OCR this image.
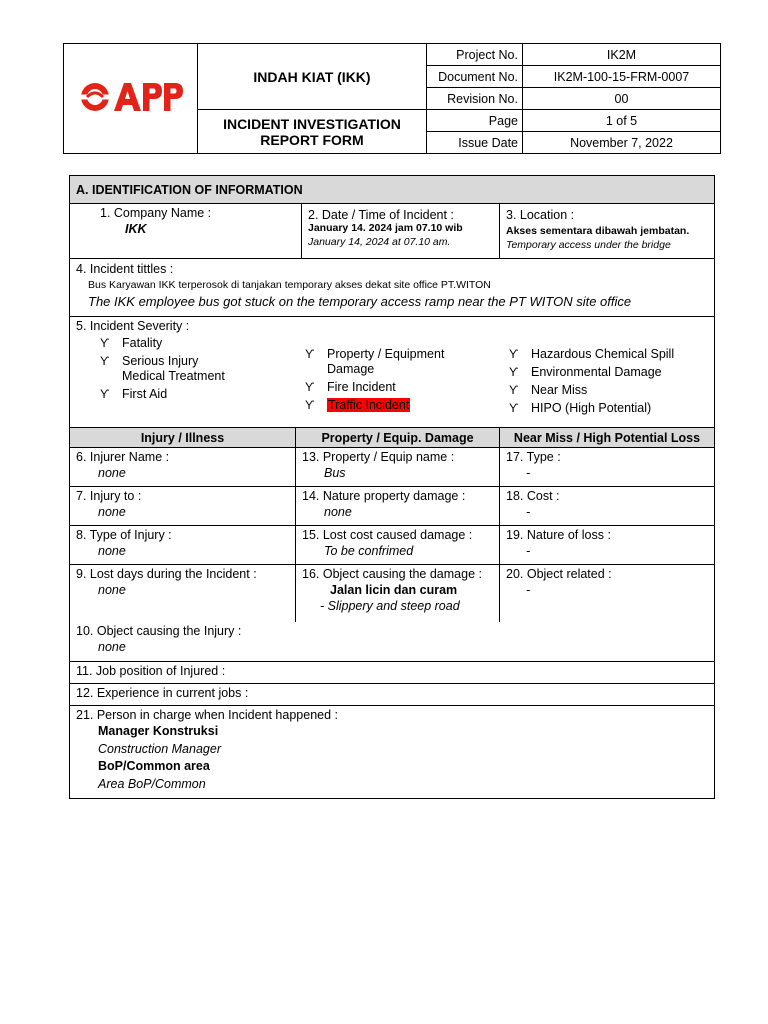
	INDAH KIAT (IKK)	Project No.	IK2M
		Document No.	IK2M-100-15-FRM-0007
		Revision No.	00
	INCIDENT INVESTIGATION REPORT FORM	Page	1 of 5
		Issue Date	November 7, 2022
A. IDENTIFICATION OF INFORMATION
1. Company Name :
IKK
2. Date / Time of Incident :
January 14. 2024 jam 07.10 wib
January 14, 2024 at 07.10 am.
3. Location :
Akses sementara dibawah jembatan.
Temporary access under the bridge
4. Incident tittles :
Bus Karyawan IKK terperosok di tanjakan temporary akses dekat site office PT.WITON
The IKK employee bus got stuck on the temporary access ramp near the PT WITON site office
5. Incident Severity :
ϒ	Fatality
ϒ	Serious Injury
Medical Treatment
ϒ	First Aid
ϒ	Property / Equipment
Damage
ϒ	Fire Incident
ϒ	Traffic Incident
ϒ	Hazardous Chemical Spill
ϒ	Environmental Damage
ϒ	Near Miss
ϒ	HIPO (High Potential)
Injury / Illness	Property / Equip. Damage	Near Miss / High Potential Loss
6. Injurer Name :
none
13. Property / Equip name :
Bus
17. Type :
-
7. Injury to :
none
14. Nature property damage :
none
18. Cost :
-
8. Type of Injury :
none
15. Lost cost caused damage :
To be confrimed
19. Nature of loss :
-
9. Lost days during the Incident :
none
16. Object causing the damage :
Jalan licin dan curam
- Slippery and steep road
20. Object related :
-
10. Object causing the Injury :
none
11. Job position of Injured :
12. Experience in current jobs :
21. Person in charge when Incident happened :
Manager Konstruksi
Construction Manager
BoP/Common area
Area BoP/Common
